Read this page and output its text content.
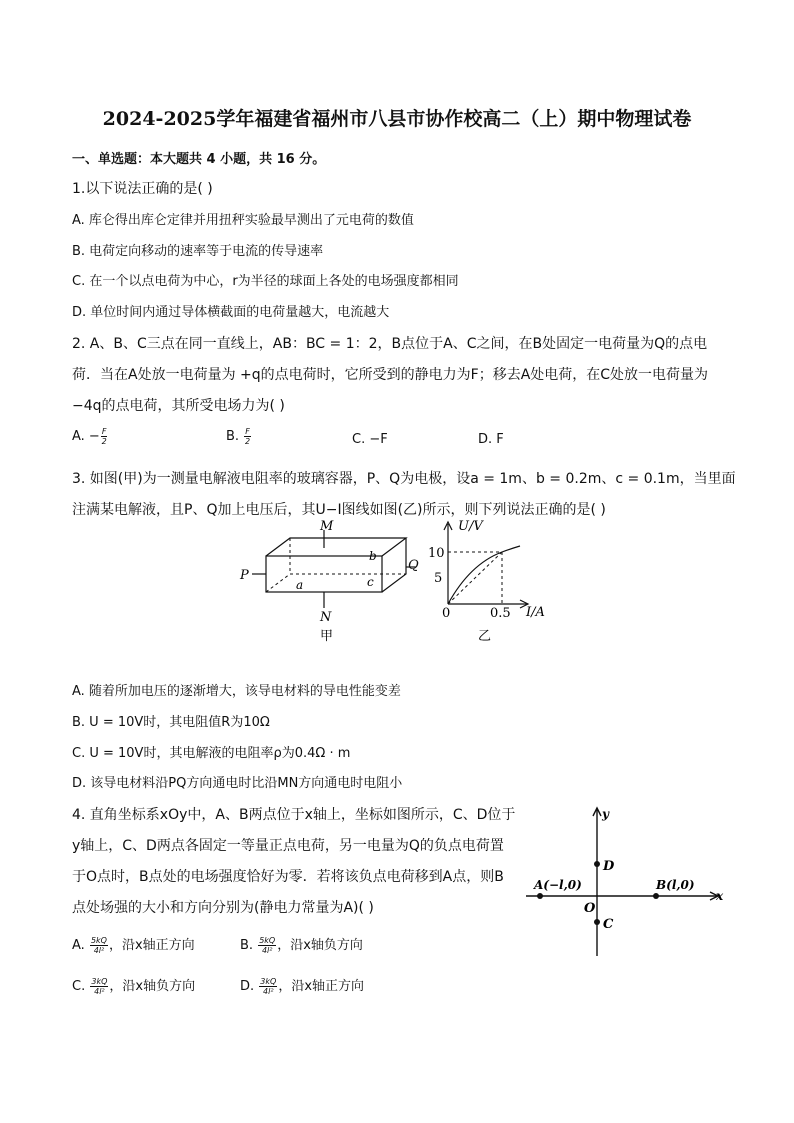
2024-2025学年福建省福州市八县市协作校高二（上）期中物理试卷
一、单选题：本大题共 4 小题，共 16 分。
1.以下说法正确的是( )
A. 库仑得出库仑定律并用扭秤实验最早测出了元电荷的数值
B. 电荷定向移动的速率等于电流的传导速率
C. 在一个以点电荷为中心，r为半径的球面上各处的电场强度都相同
D. 单位时间内通过导体横截面的电荷量越大，电流越大
2. A、B、C三点在同一直线上，AB：BC = 1：2，B点位于A、C之间，在B处固定一电荷量为Q的点电
荷．当在A处放一电荷量为 +q的点电荷时，它所受到的静电力为F；移去A处电荷，在C处放一电荷量为
−4q的点电荷，其所受电场力为( )
A. − $\frac{F}{2}$	B. $\frac{F}{2}$	C. −F	D. F
3. 如图(甲)为一测量电解液电阻率的玻璃容器，P、Q为电极，设a = 1m、b = 0.2m、c = 0.1m，当里面
注满某电解液，且P、Q加上电压后，其U−I图线如图(乙)所示，则下列说法正确的是( )
M
N
P
b
a	c
甲
Q
U/V
I/A
10
5
0	0.5
乙
A. 随着所加电压的逐渐增大，该导电材料的导电性能变差
B. U = 10V时，其电阻值R为10Ω
C. U = 10V时，其电解液的电阻率ρ为0.4Ω · m
D. 该导电材料沿PQ方向通电时比沿MN方向通电时电阻小
4. 直角坐标系xOy中，A、B两点位于x轴上，坐标如图所示，C、D位于
y轴上，C、D两点各固定一等量正点电荷，另一电量为Q的负点电荷置
于O点时，B点处的电场强度恰好为零．若将该负点电荷移到A点，则B
点处场强的大小和方向分别为(静电力常量为A)( )
y
x
D
C
O
A(−l,0)	B(l,0)
A. $\frac{5kQ}{\text{4l²}}$ ，沿x轴正方向	B. $\frac{5kQ}{\text{4l²}}$ ，沿x轴负方向
C. $\frac{3kQ}{\text{4l²}}$ ，沿x轴负方向	D. $\frac{3kQ}{\text{4l²}}$ ，沿x轴正方向
